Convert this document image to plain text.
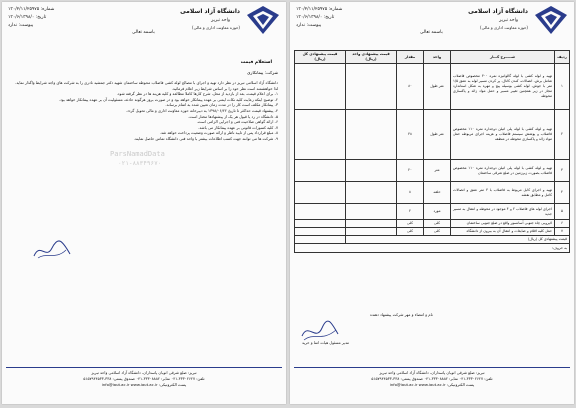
دانشگاه آزاد اسلامی
واحد تبریز
(حوزه معاونت اداری و مالی)
باسمه تعالی
شماره: ۱۳۰/۲/۱۱/۲۵۹۷۵
تاریخ: ۱۳۰/۶/۱۳۹۸/۰
پیوست: ندارد
استعلام قیمت
شرکت: پیمانکاری
دانشگاه آزاد اسلامی تبریز در نظر دارد تهیه و اجرای با مصالح لوله کشی فاضلاب محوطه ساختمان شهید دکتر جمشید نادری را به شرکت های واجد شرایط واگذار نماید.
لذا خواهشمند است نظر خود را بر اساس شرایط زیر اعلام فرمائید.
۱- برای اعلام قیمت، بعد از بازدید از محل، شرح کارها کاملا مطالعه و کلیه هزینه ها در نظر گرفته شود.
۲- توضیح اینکه رعایت کلیه نکات ایمنی بر عهده پیمانکار خواهد بود و در صورت بروز هرگونه حادثه، مسئولیت آن بر عهده پیمانکار خواهد بود.
۳- پیمانکار مکلف است کار را در مدت زمان تعیین شده به اتمام برساند.
۴- پیشنهاد قیمت حداکثر تا تاریخ ۱۳۹۸/۰۶/۲۲ به دبیرخانه حوزه معاونت اداری و مالی تحویل گردد.
۵- دانشگاه در رد یا قبول هر یک از پیشنهادها مختار است.
۶- ارائه گواهی صلاحیت فنی و اجرایی الزامی است.
۷- کلیه کسورات قانونی بر عهده پیمانکار می باشد.
۸- مبلغ قرارداد پس از تایید ناظر و ارائه صورت وضعیت پرداخت خواهد شد.
۹- شرکت ها می توانند جهت کسب اطلاعات بیشتر با واحد فنی دانشگاه تماس حاصل نمایند.
تبریز: ضلع شرقی اتوبان پاسداران، دانشگاه آزاد اسلامی واحد تبریز
تلفن: ۳۳۳۰۲۶۲۷-۰۴۱ نمابر: ۳۳۳۰۸۸۸۲-۰۴۱ صندوق پستی: ۳۳۸-۵۱۵۷۹۴۴۵۳۳
پست الکترونیکی: info@iaut.ac.ir www.iaut.ac.ir
دانشگاه آزاد اسلامی
واحد تبریز
(حوزه معاونت اداری و مالی)
باسمه تعالی
شماره: ۱۳۰/۲/۱۱/۲۵۹۷۵
تاریخ: ۱۳۰/۶/۱۳۹۸/۰
پیوست: ندارد
ردیف	شـــــرح کـــار	واحد	مقدار	قیمت پیشنهادی واحد (ریال)	قیمت پیشنهادی کل (ریال)
۱	تهیه و لوله کشی با لوله گالوانیزه نمره ۳۰۰ مخصوص فاضلاب شامل برش، اتصالات، کندن کانال، پر کردن مسیر لوله به عمق ۱/۵ متر با جوش، لوله کشی بوسیله پیچ و مهره به شکل استاندارد مجاز در زیر همچنین تغییر مسیر و حمل مواد زائد و پاکسازی محوطه	متر طول	۸۰		
۲	تهیه و لوله کشی با لوله پلی اتیلن دوجداره نمره ۱۱۰ مخصوص فاضلاب و پوشش سیستم فاضلاب و هزینه اجرای مربوطه حمل مواد زائد و پاکسازی محوطه در منطقه	متر طول	۴۸		
۳	تهیه و لوله کشی با لوله پلی اتیلن دوجداره نمره ۱۱۰ مخصوص فاضلاب بصورت زیرزمین در ضلع شرقی ساختمان	متر	۲۰		
۴	تهیه و اجرای کابل مربوط به فاضلاب با ۳ متر عمق و اتصالات کامل و مطابق نقشه	حلقه	۸		
۵	اجرای لوله های فاضلاب ۲ و ۴ موجود در محوطه و انتقال به مسیر جدید	مورد	۲		
۶	لایروبی چاه جنوبی آسانسور واقع در ضلع جنوبی ساختمان	کلی	کلی		
۷	حمل کلیه اقلام و ضایعات و انتقال آن به بیرون از دانشگاه	کلی	کلی		
قیمت پیشنهادی کل (ریال)					
به حروف:					
نام و امضاء و مهر شرکت پیشنهاد دهنده
مدیر مسئول هیات امنا و خرید
تبریز: ضلع شرقی اتوبان پاسداران، دانشگاه آزاد اسلامی واحد تبریز
تلفن: ۳۳۳۰۲۶۲۷-۰۴۱ نمابر: ۳۳۳۰۸۸۸۲-۰۴۱ صندوق پستی: ۳۳۸-۵۱۵۷۹۴۴۵۳۳
پست الکترونیکی: info@iaut.ac.ir www.iaut.ac.ir
ParsNamadData
۰۲۱-۸۸۳۴۹۶۷۰
